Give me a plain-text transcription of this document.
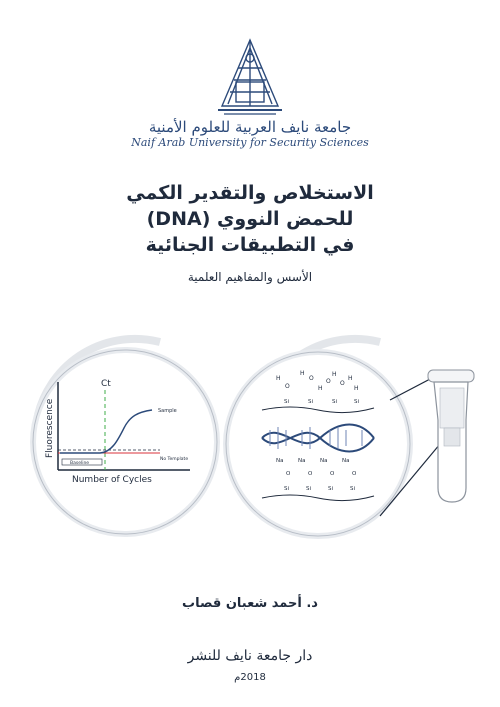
جامعة نايف العربية للعلوم الأمنية
Naif Arab University for Security Sciences
الاستخلاص والتقدير الكمي
للحمض النووي (DNA)
في التطبيقات الجنائية
الأسس والمفاهيم العلمية
Ct
No Template
Baseline
Sample
Fluorescence
Number of Cycles
H
O
H
O
H
O
H
O
H
H
Si	Si	Si	Si
Na	Na	Na	Na
O	O	O	O
Si	Si	Si	Si
د. أحمد شعبان قصاب
دار جامعة نايف للنشر
2018م
